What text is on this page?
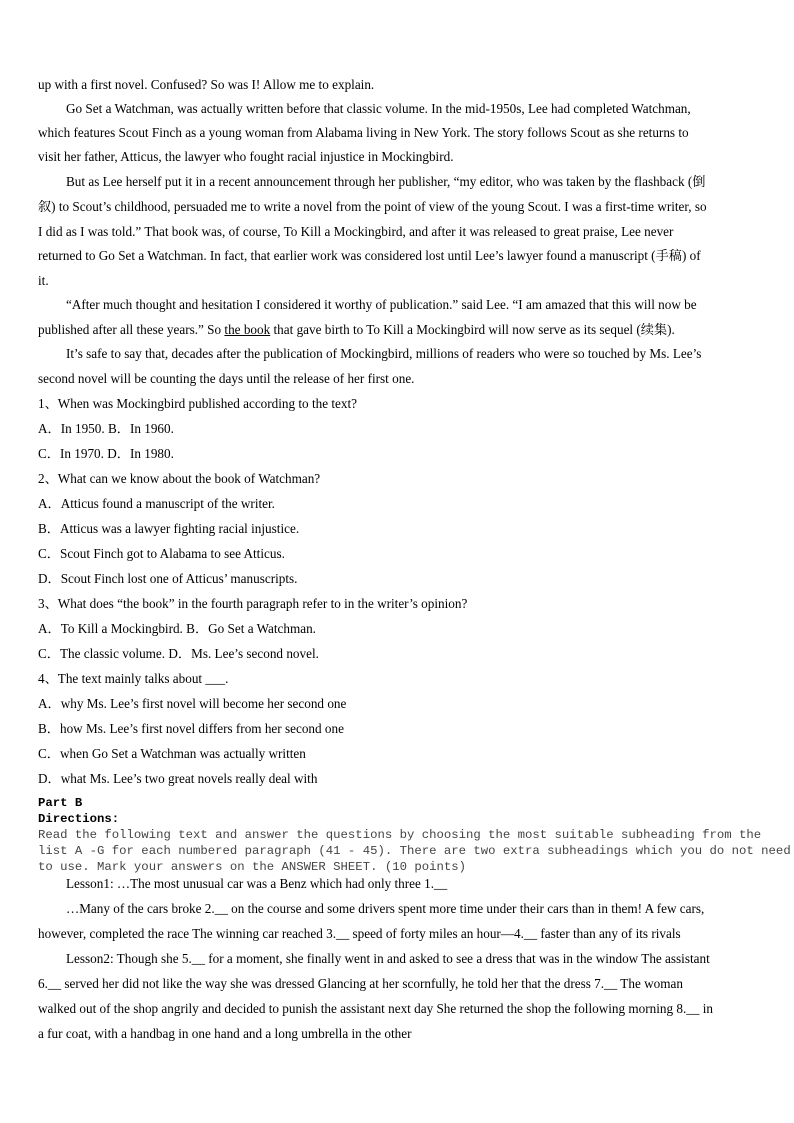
up with a first novel. Confused? So was I! Allow me to explain.
Go Set a Watchman, was actually written before that classic volume. In the mid-1950s, Lee had completed Watchman,
which features Scout Finch as a young woman from Alabama living in New York. The story follows Scout as she returns to
visit her father, Atticus, the lawyer who fought racial injustice in Mockingbird.
But as Lee herself put it in a recent announcement through her publisher, “my editor, who was taken by the flashback (倒
叙) to Scout’s childhood, persuaded me to write a novel from the point of view of the young Scout. I was a first-time writer, so
I did as I was told.” That book was, of course, To Kill a Mockingbird, and after it was released to great praise, Lee never
returned to Go Set a Watchman. In fact, that earlier work was considered lost until Lee’s lawyer found a manuscript (手稿) of
it.
“After much thought and hesitation I considered it worthy of publication.” said Lee. “I am amazed that this will now be
published after all these years.” So the book that gave birth to To Kill a Mockingbird will now serve as its sequel (续集).
It’s safe to say that, decades after the publication of Mockingbird, millions of readers who were so touched by Ms. Lee’s
second novel will be counting the days until the release of her first one.
1、When was Mockingbird published according to the text?
A．In 1950. B．In 1960.
C．In 1970. D．In 1980.
2、What can we know about the book of Watchman?
A．Atticus found a manuscript of the writer.
B．Atticus was a lawyer fighting racial injustice.
C．Scout Finch got to Alabama to see Atticus.
D．Scout Finch lost one of Atticus’ manuscripts.
3、What does “the book” in the fourth paragraph refer to in the writer’s opinion?
A．To Kill a Mockingbird. B．Go Set a Watchman.
C．The classic volume. D．Ms. Lee’s second novel.
4、The text mainly talks about ___.
A．why Ms. Lee’s first novel will become her second one
B．how Ms. Lee’s first novel differs from her second one
C．when Go Set a Watchman was actually written
D．what Ms. Lee’s two great novels really deal with
Part B
Directions:
Read the following text and answer the questions by choosing the most suitable subheading from the
list A -G for each numbered paragraph (41 - 45). There are two extra subheadings which you do not need
to use. Mark your answers on the ANSWER SHEET. (10 points)
Lesson1: …The most unusual car was a Benz which had only three 1.__
…Many of the cars broke 2.__ on the course and some drivers spent more time under their cars than in them! A few cars,
however, completed the race The winning car reached 3.__ speed of forty miles an hour—4.__ faster than any of its rivals
Lesson2: Though she 5.__ for a moment, she finally went in and asked to see a dress that was in the window The assistant
6.__ served her did not like the way she was dressed Glancing at her scornfully, he told her that the dress 7.__ The woman
walked out of the shop angrily and decided to punish the assistant next day She returned the shop the following morning 8.__ in
a fur coat, with a handbag in one hand and a long umbrella in the other
